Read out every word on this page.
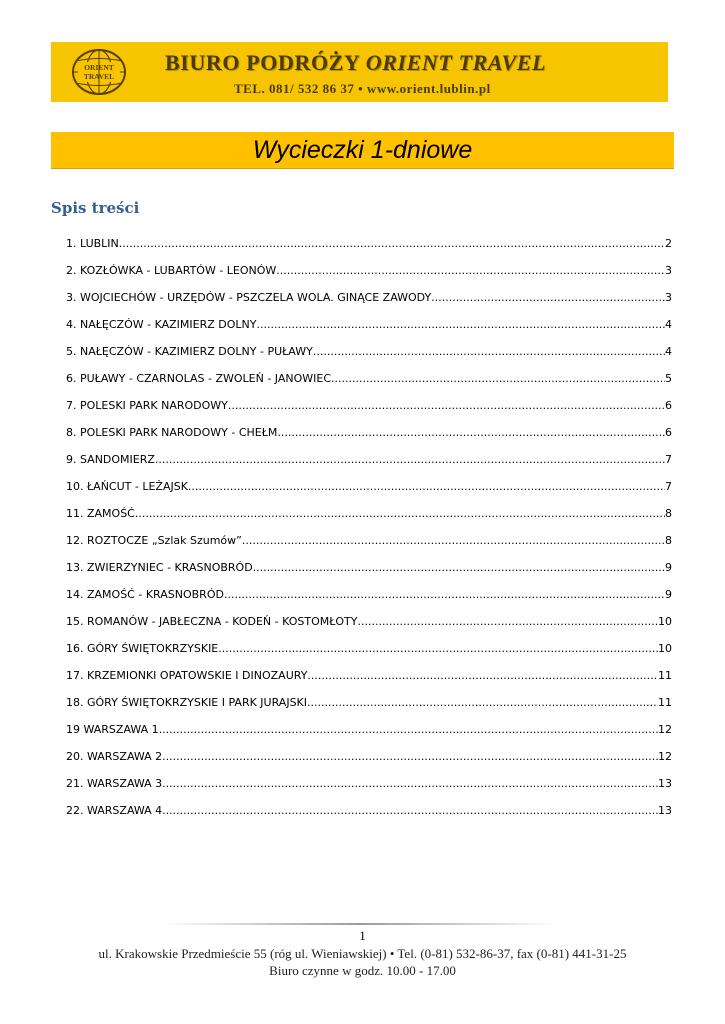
ORIENT
TRAVEL
BIURO PODRÓŻY ORIENT TRAVEL
TEL. 081/ 532 86 37 • www.orient.lublin.pl
Wycieczki 1-dniowe
Spis treści
1. LUBLIN .....	2
2. KOZŁÓWKA - LUBARTÓW - LEONÓW .....	3
3. WOJCIECHÓW - URZĘDÓW - PSZCZELA WOLA. GINĄCE ZAWODY .....	3
4. NAŁĘCZÓW - KAZIMIERZ DOLNY .....	4
5. NAŁĘCZÓW - KAZIMIERZ DOLNY - PUŁAWY .....	4
6. PUŁAWY - CZARNOLAS - ZWOLEŃ - JANOWIEC .....	5
7. POLESKI PARK NARODOWY .....	6
8. POLESKI PARK NARODOWY - CHEŁM .....	6
9. SANDOMIERZ .....	7
10. ŁAŃCUT - LEŻAJSK .....	7
11. ZAMOŚĆ .....	8
12. ROZTOCZE „Szlak Szumów” .....	8
13. ZWIERZYNIEC - KRASNOBRÓD .....	9
14. ZAMOŚĆ - KRASNOBRÓD .....	9
15. ROMANÓW - JABŁECZNA - KODEŃ - KOSTOMŁOTY .....	10
16. GÓRY ŚWIĘTOKRZYSKIE .....	10
17. KRZEMIONKI OPATOWSKIE I DINOZAURY .....	11
18. GÓRY ŚWIĘTOKRZYSKIE I PARK JURAJSKI .....	11
19 WARSZAWA 1 .....	12
20. WARSZAWA 2 .....	12
21. WARSZAWA 3 .....	13
22. WARSZAWA 4 .....	13
1
ul. Krakowskie Przedmieście 55 (róg ul. Wieniawskiej) • Tel. (0-81) 532-86-37, fax (0-81) 441-31-25
Biuro czynne w godz. 10.00 - 17.00
